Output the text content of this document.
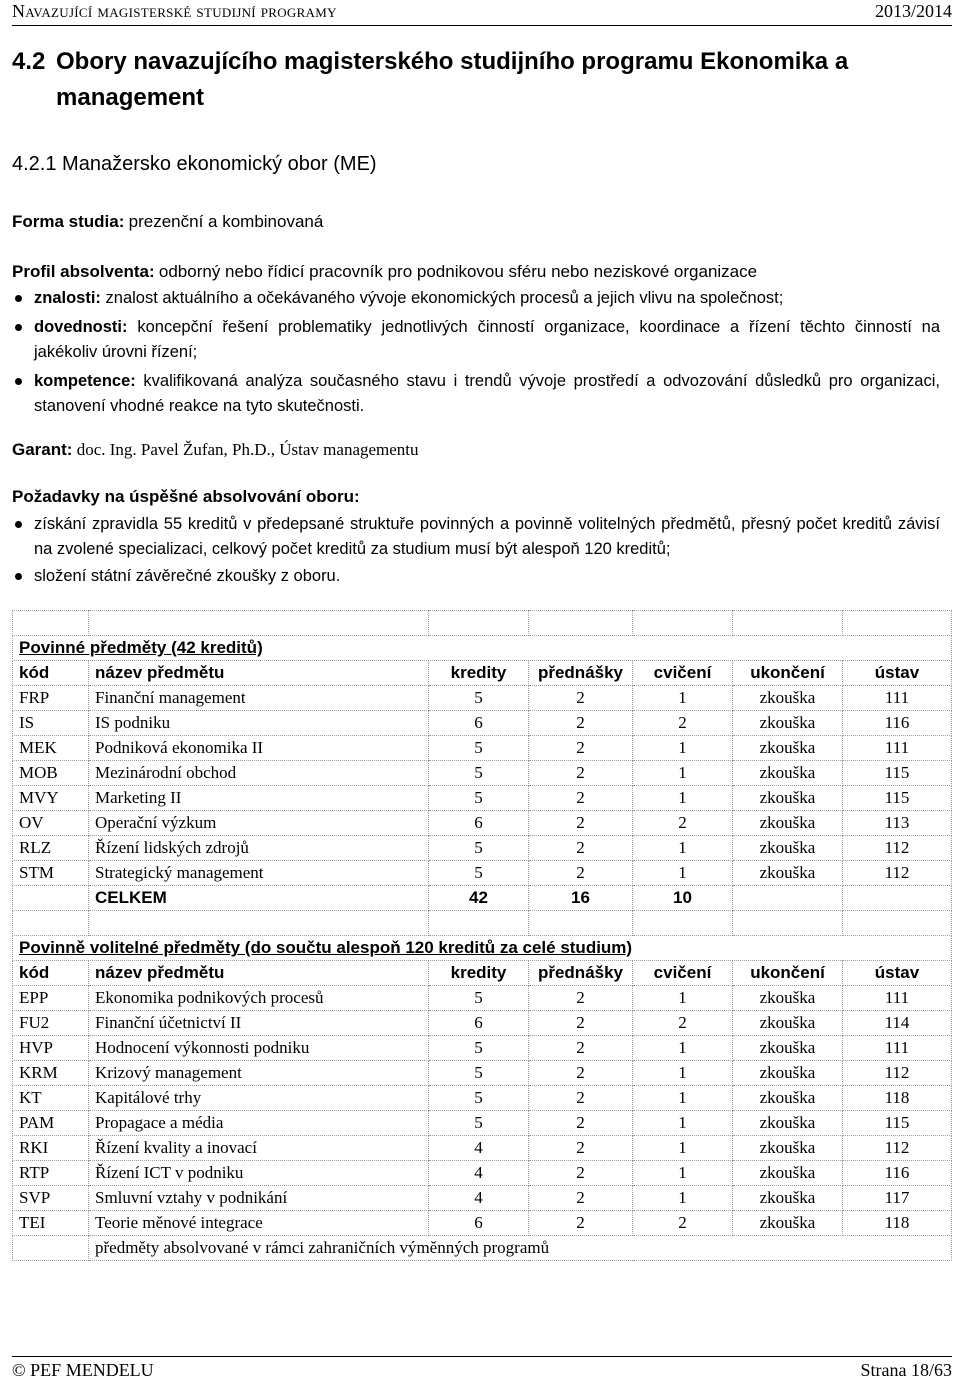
Navazující magisterské studijní programy	2013/2014
4.2 Obory navazujícího magisterského studijního programu Ekonomika a
management
4.2.1 Manažersko ekonomický obor (ME)
Forma studia: prezenční a kombinovaná
Profil absolventa: odborný nebo řídicí pracovník pro podnikovou sféru nebo neziskové organizace
znalosti: znalost aktuálního a očekávaného vývoje ekonomických procesů a jejich vlivu na společnost;
dovednosti: koncepční řešení problematiky jednotlivých činností organizace, koordinace a řízení těchto činností na jakékoliv úrovni řízení;
kompetence: kvalifikovaná analýza současného stavu i trendů vývoje prostředí a odvozování důsledků pro organizaci, stanovení vhodné reakce na tyto skutečnosti.
Garant: doc. Ing. Pavel Žufan, Ph.D., Ústav managementu
Požadavky na úspěšné absolvování oboru:
získání zpravidla 55 kreditů v předepsané struktuře povinných a povinně volitelných předmětů, přesný počet kreditů závisí na zvolené specializaci, celkový počet kreditů za studium musí být alespoň 120 kreditů;
složení státní závěrečné zkoušky z oboru.

Povinné předměty (42 kreditů)						
kód	název předmětu	kredity	přednášky	cvičení	ukončení	ústav
FRP	Finanční management	5	2	1	zkouška	111
IS	IS podniku	6	2	2	zkouška	116
MEK	Podniková ekonomika II	5	2	1	zkouška	111
MOB	Mezinárodní obchod	5	2	1	zkouška	115
MVY	Marketing II	5	2	1	zkouška	115
OV	Operační výzkum	6	2	2	zkouška	113
RLZ	Řízení lidských zdrojů	5	2	1	zkouška	112
STM	Strategický management	5	2	1	zkouška	112
	CELKEM	42	16	10		

Povinně volitelné předměty (do součtu alespoň 120 kreditů za celé studium)						
kód	název předmětu	kredity	přednášky	cvičení	ukončení	ústav
EPP	Ekonomika podnikových procesů	5	2	1	zkouška	111
FU2	Finanční účetnictví II	6	2	2	zkouška	114
HVP	Hodnocení výkonnosti podniku	5	2	1	zkouška	111
KRM	Krizový management	5	2	1	zkouška	112
KT	Kapitálové trhy	5	2	1	zkouška	118
PAM	Propagace a média	5	2	1	zkouška	115
RKI	Řízení kvality a inovací	4	2	1	zkouška	112
RTP	Řízení ICT v podniku	4	2	1	zkouška	116
SVP	Smluvní vztahy v podnikání	4	2	1	zkouška	117
TEI	Teorie měnové integrace	6	2	2	zkouška	118
	předměty absolvované v rámci zahraničních výměnných programů					
© PEF MENDELU	Strana 18/63
